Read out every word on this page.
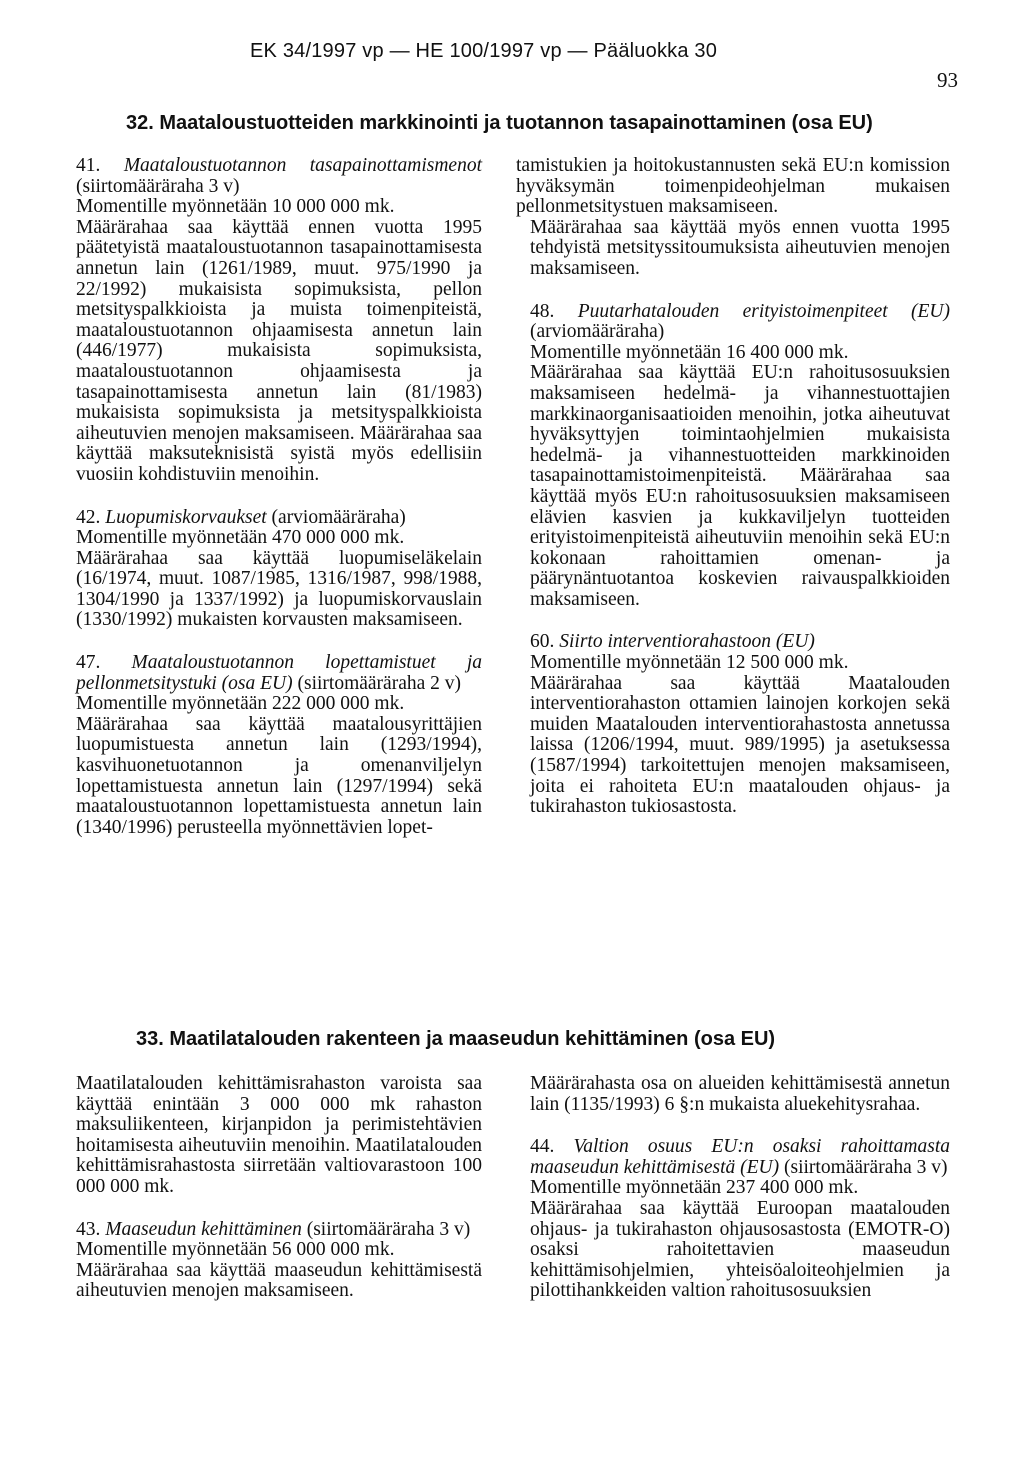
EK 34/1997 vp — HE 100/1997 vp — Pääluokka 30
93
32. Maataloustuotteiden markkinointi ja tuotannon tasapainottaminen (osa EU)

41. Maataloustuotannon tasapainottamismenot (siirtomääräraha 3 v)

Momentille myönnetään 10 000 000 mk.

Määrärahaa saa käyttää ennen vuotta 1995 päätetyistä maataloustuotannon tasapainottamisesta annetun lain (1261/1989, muut. 975/1990 ja 22/1992) mukaisista sopimuksista, pellon metsityspalkkioista ja muista toimenpiteistä, maataloustuotannon ohjaamisesta annetun lain (446/1977) mukaisista sopimuksista, maataloustuotannon ohjaamisesta ja tasapainottamisesta annetun lain (81/1983) mukaisista sopimuksista ja metsityspalkkioista aiheutuvien menojen maksamiseen. Määrärahaa saa käyttää maksuteknisistä syistä myös edellisiin vuosiin kohdistuviin menoihin.

42. Luopumiskorvaukset (arviomääräraha)

Momentille myönnetään 470 000 000 mk.

Määrärahaa saa käyttää luopumiseläkelain (16/1974, muut. 1087/1985, 1316/1987, 998/1988, 1304/1990 ja 1337/1992) ja luopumiskorvauslain (1330/1992) mukaisten korvausten maksamiseen.

47. Maataloustuotannon lopettamistuet ja pellonmetsitystuki (osa EU) (siirtomääräraha 2 v)

Momentille myönnetään 222 000 000 mk.

Määrärahaa saa käyttää maatalousyrittäjien luopumistuesta annetun lain (1293/1994), kasvihuonetuotannon ja omenanviljelyn lopettamistuesta annetun lain (1297/1994) sekä maataloustuotannon lopettamistuesta annetun lain (1340/1996) perusteella myönnettävien lopet-

tamistukien ja hoitokustannusten sekä EU:n komission hyväksymän toimenpideohjelman mukaisen pellonmetsitystuen maksamiseen.

Määrärahaa saa käyttää myös ennen vuotta 1995 tehdyistä metsityssitoumuksista aiheutuvien menojen maksamiseen.

48. Puutarhatalouden erityistoimenpiteet (EU) (arviomääräraha)

Momentille myönnetään 16 400 000 mk.

Määrärahaa saa käyttää EU:n rahoitusosuuksien maksamiseen hedelmä- ja vihannestuottajien markkinaorganisaatioiden menoihin, jotka aiheutuvat hyväksyttyjen toimintaohjelmien mukaisista hedelmä- ja vihannestuotteiden markkinoiden tasapainottamistoimenpiteistä. Määrärahaa saa käyttää myös EU:n rahoitusosuuksien maksamiseen elävien kasvien ja kukkaviljelyn tuotteiden erityistoimenpiteistä aiheutuviin menoihin sekä EU:n kokonaan rahoittamien omenan- ja päärynäntuotantoa koskevien raivauspalkkioiden maksamiseen.

60. Siirto interventiorahastoon (EU)

Momentille myönnetään 12 500 000 mk.

Määrärahaa saa käyttää Maatalouden interventiorahaston ottamien lainojen korkojen sekä muiden Maatalouden interventiorahastosta annetussa laissa (1206/1994, muut. 989/1995) ja asetuksessa (1587/1994) tarkoitettujen menojen maksamiseen, joita ei rahoiteta EU:n maatalouden ohjaus- ja tukirahaston tukiosastosta.

33. Maatilatalouden rakenteen ja maaseudun kehittäminen (osa EU)

Maatilatalouden kehittämisrahaston varoista saa käyttää enintään 3 000 000 mk rahaston maksuliikenteen, kirjanpidon ja perimistehtävien hoitamisesta aiheutuviin menoihin. Maatilatalouden kehittämisrahastosta siirretään valtiovarastoon 100 000 000 mk.

43. Maaseudun kehittäminen (siirtomääräraha 3 v)

Momentille myönnetään 56 000 000 mk.

Määrärahaa saa käyttää maaseudun kehittämisestä aiheutuvien menojen maksamiseen.

Määrärahasta osa on alueiden kehittämisestä annetun lain (1135/1993) 6 §:n mukaista aluekehitysrahaa.

44. Valtion osuus EU:n osaksi rahoittamasta maaseudun kehittämisestä (EU) (siirtomääräraha 3 v)

Momentille myönnetään 237 400 000 mk.

Määrärahaa saa käyttää Euroopan maatalouden ohjaus- ja tukirahaston ohjausosastosta (EMOTR-O) osaksi rahoitettavien maaseudun kehittämisohjelmien, yhteisöaloiteohjelmien ja pilottihankkeiden valtion rahoitusosuuksien
